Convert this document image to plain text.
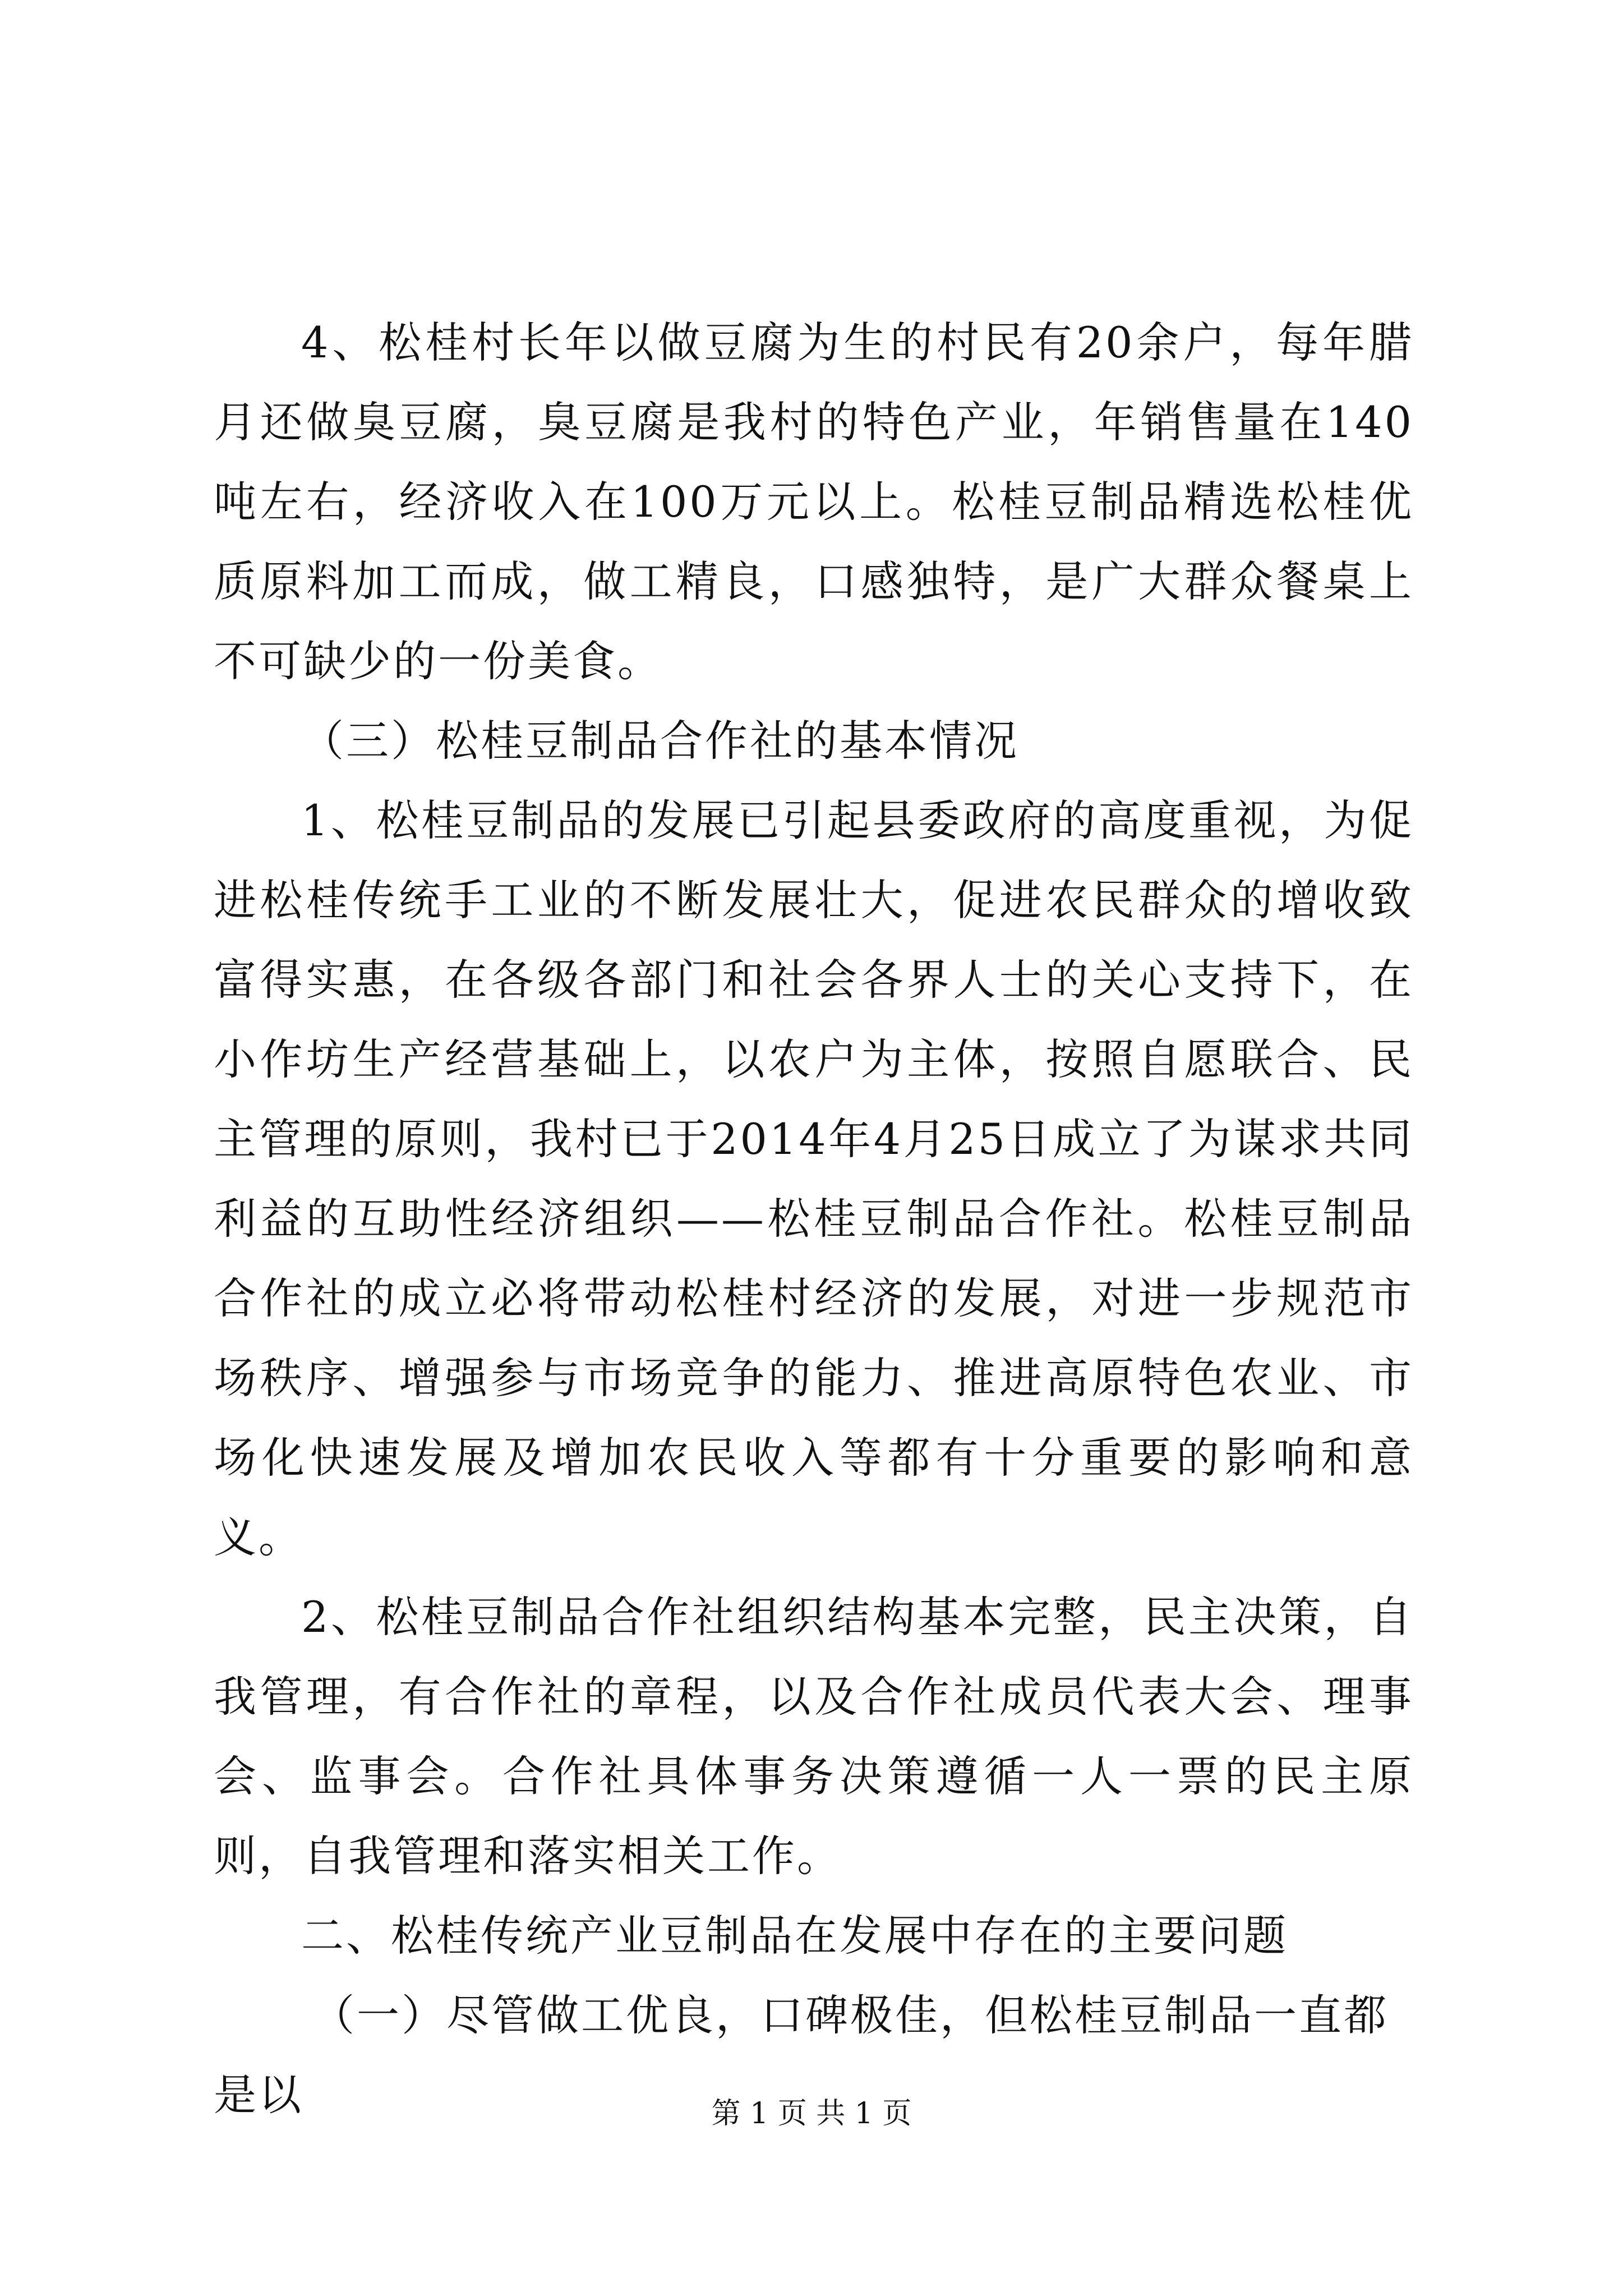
4、松桂村长年以做豆腐为生的村民有20余户，每年腊月还做臭豆腐，臭豆腐是我村的特色产业，年销售量在140吨左右，经济收入在100万元以上。松桂豆制品精选松桂优质原料加工而成，做工精良，口感独特，是广大群众餐桌上不可缺少的一份美食。

（三）松桂豆制品合作社的基本情况

1、松桂豆制品的发展已引起县委政府的高度重视，为促进松桂传统手工业的不断发展壮大，促进农民群众的增收致富得实惠，在各级各部门和社会各界人士的关心支持下，在小作坊生产经营基础上，以农户为主体，按照自愿联合、民主管理的原则，我村已于2014年4月25日成立了为谋求共同利益的互助性经济组织——松桂豆制品合作社。松桂豆制品合作社的成立必将带动松桂村经济的发展，对进一步规范市场秩序、增强参与市场竞争的能力、推进高原特色农业、市场化快速发展及增加农民收入等都有十分重要的影响和意义。

2、松桂豆制品合作社组织结构基本完整，民主决策，自我管理，有合作社的章程，以及合作社成员代表大会、理事会、监事会。合作社具体事务决策遵循一人一票的民主原则，自我管理和落实相关工作。

二、松桂传统产业豆制品在发展中存在的主要问题

（一）尽管做工优良，口碑极佳，但松桂豆制品一直都是以	第 1 页 共 1 页
